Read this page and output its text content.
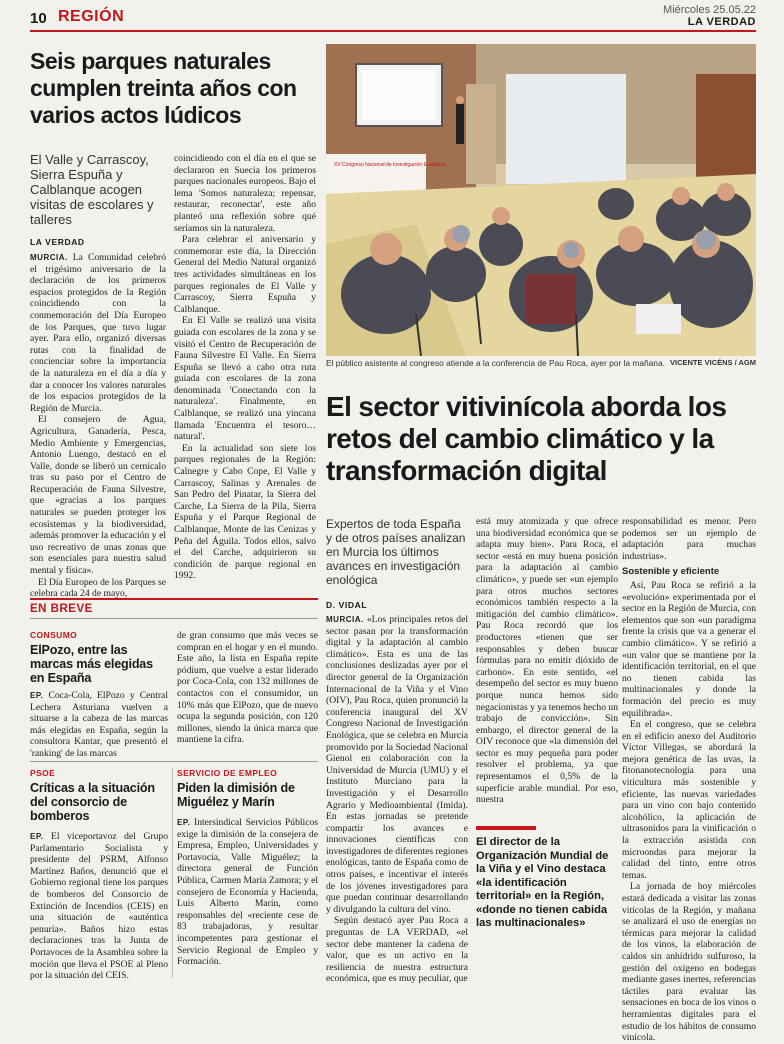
10 REGIÓN	Miércoles 25.05.22
LA VERDAD
Seis parques naturales cumplen treinta años con varios actos lúdicos
El Valle y Carrascoy, Sierra Espuña y Calblanque acogen visitas de escolares y talleres
LA VERDAD

MURCIA. La Comunidad celebró el trigésimo aniversario de la declaración de los primeros espacios protegidos de la Región coincidiendo con la conmemoración del Día Europeo de los Parques, que tuvo lugar ayer. Para ello, organizó diversas rutas con la finalidad de concienciar sobre la importancia de la naturaleza en el día a día y dar a conocer los valores naturales de los espacios protegidos de la Región de Murcia.

El consejero de Agua, Agricultura, Ganadería, Pesca, Medio Ambiente y Emergencias, Antonio Luengo, destacó en el Valle, donde se liberó un cernícalo tras su paso por el Centro de Recuperación de Fauna Silvestre, que «gracias a los parques naturales se pueden proteger los ecosistemas y la biodiversidad, además promover la educación y el uso recreativo de unas zonas que son esenciales para nuestra salud mental y física».

El Día Europeo de los Parques se celebra cada 24 de mayo,

coincidiendo con el día en el que se declararon en Suecia los primeros parques nacionales europeos. Bajo el lema 'Somos naturaleza; repensar, restaurar, reconectar', este año planteó una reflexión sobre qué seríamos sin la naturaleza.

Para celebrar el aniversario y conmemorar este día, la Dirección General del Medio Natural organizó tres actividades simultáneas en los parques regionales de El Valle y Carrascoy, Sierra Espuña y Calblanque.

En El Valle se realizó una visita guiada con escolares de la zona y se visitó el Centro de Recuperación de Fauna Silvestre El Valle. En Sierra Espuña se llevó a cabo otra ruta guiada con escolares de la zona denominada 'Conectando con la naturaleza'. Finalmente, en Calblanque, se realizó una yincana llamada 'Encuentra el tesoro… natural'.

En la actualidad son siete los parques regionales de la Región: Calnegre y Cabo Cope, El Valle y Carrascoy, Salinas y Arenales de San Pedro del Pinatar, la Sierra del Carche, La Sierra de la Pila, Sierra Espuña y el Parque Regional de Calblanque, Monte de las Cenizas y Peña del Águila. Todos ellos, salvo el del Carche, adquirieron su condición de parque regional en 1992.

XV Congreso Nacional de Investigación Enológica
El público asistente al congreso atiende a la conferencia de Pau Roca, ayer por la mañana. VICENTE VICÉNS / AGM
El sector vitivinícola aborda los retos del cambio climático y la transformación digital
Expertos de toda España y de otros países analizan en Murcia los últimos avances en investigación enológica
D. VIDAL

MURCIA. «Los principales retos del sector pasan por la transformación digital y la adaptación al cambio climático». Esta es una de las conclusiones deslizadas ayer por el director general de la Organización Internacional de la Viña y el Vino (OIV), Pau Roca, quien pronunció la conferencia inaugural del XV Congreso Nacional de Investigación Enológica, que se celebra en Murcia promovido por la Sociedad Nacional Gienol en colaboración con la Universidad de Murcia (UMU) y el Instituto Murciano para la Investigación y el Desarrollo Agrario y Medioambiental (Imida). En estas jornadas se pretende compartir los avances e innovaciones científicas con investigadores de diferentes regiones enológicas, tanto de España como de otros países, e incentivar el interés de los jóvenes investigadores para que puedan continuar desarrollando y divulgando la cultura del vino.

Según destacó ayer Pau Roca a preguntas de LA VERDAD, «el sector debe mantener la cadena de valor, que es un activo en la resiliencia de nuestra estructura económica, que es muy peculiar, que

está muy atomizada y que ofrece una biodiversidad económica que se adapta muy bien». Para Roca, el sector «está en muy buena posición para la adaptación al cambio climático», y puede ser «un ejemplo para otros muchos sectores económicos también respecto a la mitigación del cambio climático». Pau Roca recordó que los productores «tienen que ser responsables y deben buscar fórmulas para no emitir dióxido de carbono». En este sentido, «el desempeño del sector es muy bueno porque nunca hemos sido negacionistas y ya tenemos hecho un trabajo de convicción». Sin embargo, el director general de la OIV reconoce que «la dimensión del sector es muy pequeña para poder resolver el problema, ya que representamos el 0,5% de la superficie arable mundial. Por eso, nuestra

El director de la Organización Mundial de la Viña y el Vino destaca «la identificación territorial» en la Región, «donde no tienen cabida las multinacionales»

responsabilidad es menor. Pero podemos ser un ejemplo de adaptación para muchas industrias».

Sostenible y eficiente

Así, Pau Roca se refirió a la «evolución» experimentada por el sector en la Región de Murcia, con elementos que son «un paradigma frente la crisis que va a generar el cambio climático». Y se refirió a «un valor que se mantiene por la identificación territorial, en el que no tienen cabida las multinacionales y donde la formación del precio es muy equilibrada».

En el congreso, que se celebra en el edificio anexo del Auditorio Víctor Villegas, se abordará la mejora genética de las uvas, la fitonanotecnología para una viticultura más sostenible y eficiente, las nuevas variedades para un vino con bajo contenido alcohólico, la aplicación de ultrasonidos para la vinificación o la extracción asistida con microondas para mejorar la calidad del tinto, entre otros temas.

La jornada de hoy miércoles estará dedicada a visitar las zonas vitícolas de la Región, y mañana se analizará el uso de energías no térmicas para mejorar la calidad de los vinos, la elaboración de caldos sin anhídrido sulfuroso, la gestión del oxígeno en bodegas mediante gases inertes, referencias táctiles para evaluar las sensaciones en boca de los vinos o herramientas digitales para el estudio de los hábitos de consumo vinícola.

EN BREVE
CONSUMO
ElPozo, entre las marcas más elegidas en España

EP. Coca-Cola, ElPozo y Central Lechera Asturiana vuelven a situarse a la cabeza de las marcas más elegidas en España, según la consultora Kantar, que presentó el 'ranking' de las marcas

de gran consumo que más veces se compran en el hogar y en el mundo. Este año, la lista en España repite pódium, que vuelve a estar liderado por Coca-Cola, con 132 millones de contactos con el consumidor, un 10% más que ElPozo, que de nuevo ocupa la segunda posición, con 120 millones, siendo la única marca que mantiene la cifra.

PSOE
Críticas a la situación del consorcio de bomberos

EP. El viceportavoz del Grupo Parlamentario Socialista y presidente del PSRM, Alfonso Martínez Baños, denunció que el Gobierno regional tiene los parques de bomberos del Consorcio de Extinción de Incendios (CEIS) en una situación de «auténtica penuria». Baños hizo estas declaraciones tras la Junta de Portavoces de la Asamblea sobre la moción que lleva el PSOE al Pleno por la situación del CEIS.

SERVICIO DE EMPLEO
Piden la dimisión de Miguélez y Marín

EP. Intersindical Servicios Públicos exige la dimisión de la consejera de Empresa, Empleo, Universidades y Portavocía, Valle Miguélez; la directora general de Función Pública, Carmen María Zamora; y el consejero de Economía y Hacienda, Luis Alberto Marín, como responsables del «reciente cese de 83 trabajadoras, y resultar incompetentes para gestionar el Servicio Regional de Empleo y Formación.
